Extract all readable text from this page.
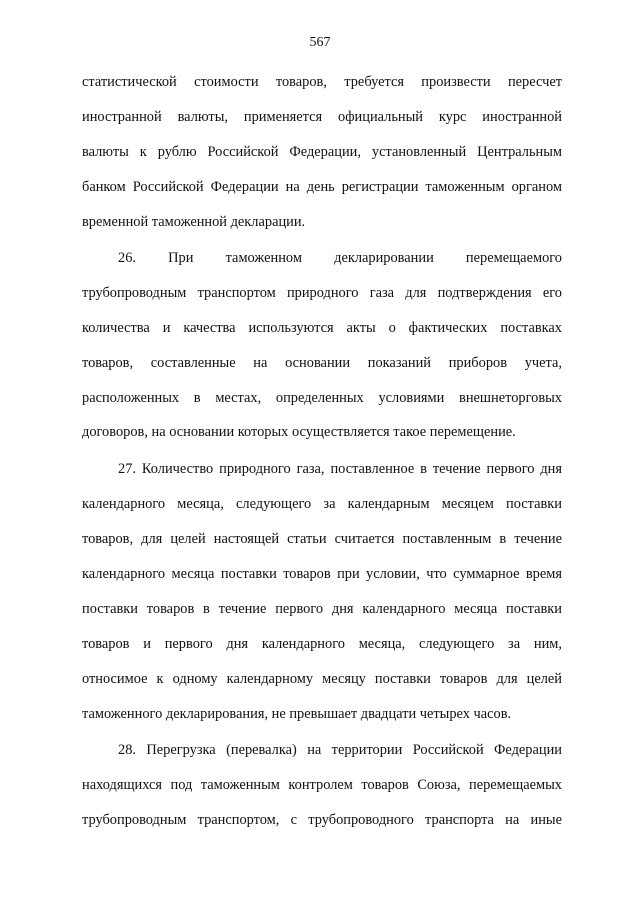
567
статистической стоимости товаров, требуется произвести пересчет
иностранной валюты, применяется официальный курс иностранной
валюты к рублю Российской Федерации, установленный Центральным
банком Российской Федерации на день регистрации таможенным органом
временной таможенной декларации.
26. При таможенном декларировании перемещаемого
трубопроводным транспортом природного газа для подтверждения его
количества и качества используются акты о фактических поставках
товаров, составленные на основании показаний приборов учета,
расположенных в местах, определенных условиями внешнеторговых
договоров, на основании которых осуществляется такое перемещение.
27. Количество природного газа, поставленное в течение первого дня
календарного месяца, следующего за календарным месяцем поставки
товаров, для целей настоящей статьи считается поставленным в течение
календарного месяца поставки товаров при условии, что суммарное время
поставки товаров в течение первого дня календарного месяца поставки
товаров и первого дня календарного месяца, следующего за ним,
относимое к одному календарному месяцу поставки товаров для целей
таможенного декларирования, не превышает двадцати четырех часов.
28. Перегрузка (перевалка) на территории Российской Федерации
находящихся под таможенным контролем товаров Союза, перемещаемых
трубопроводным транспортом, с трубопроводного транспорта на иные
